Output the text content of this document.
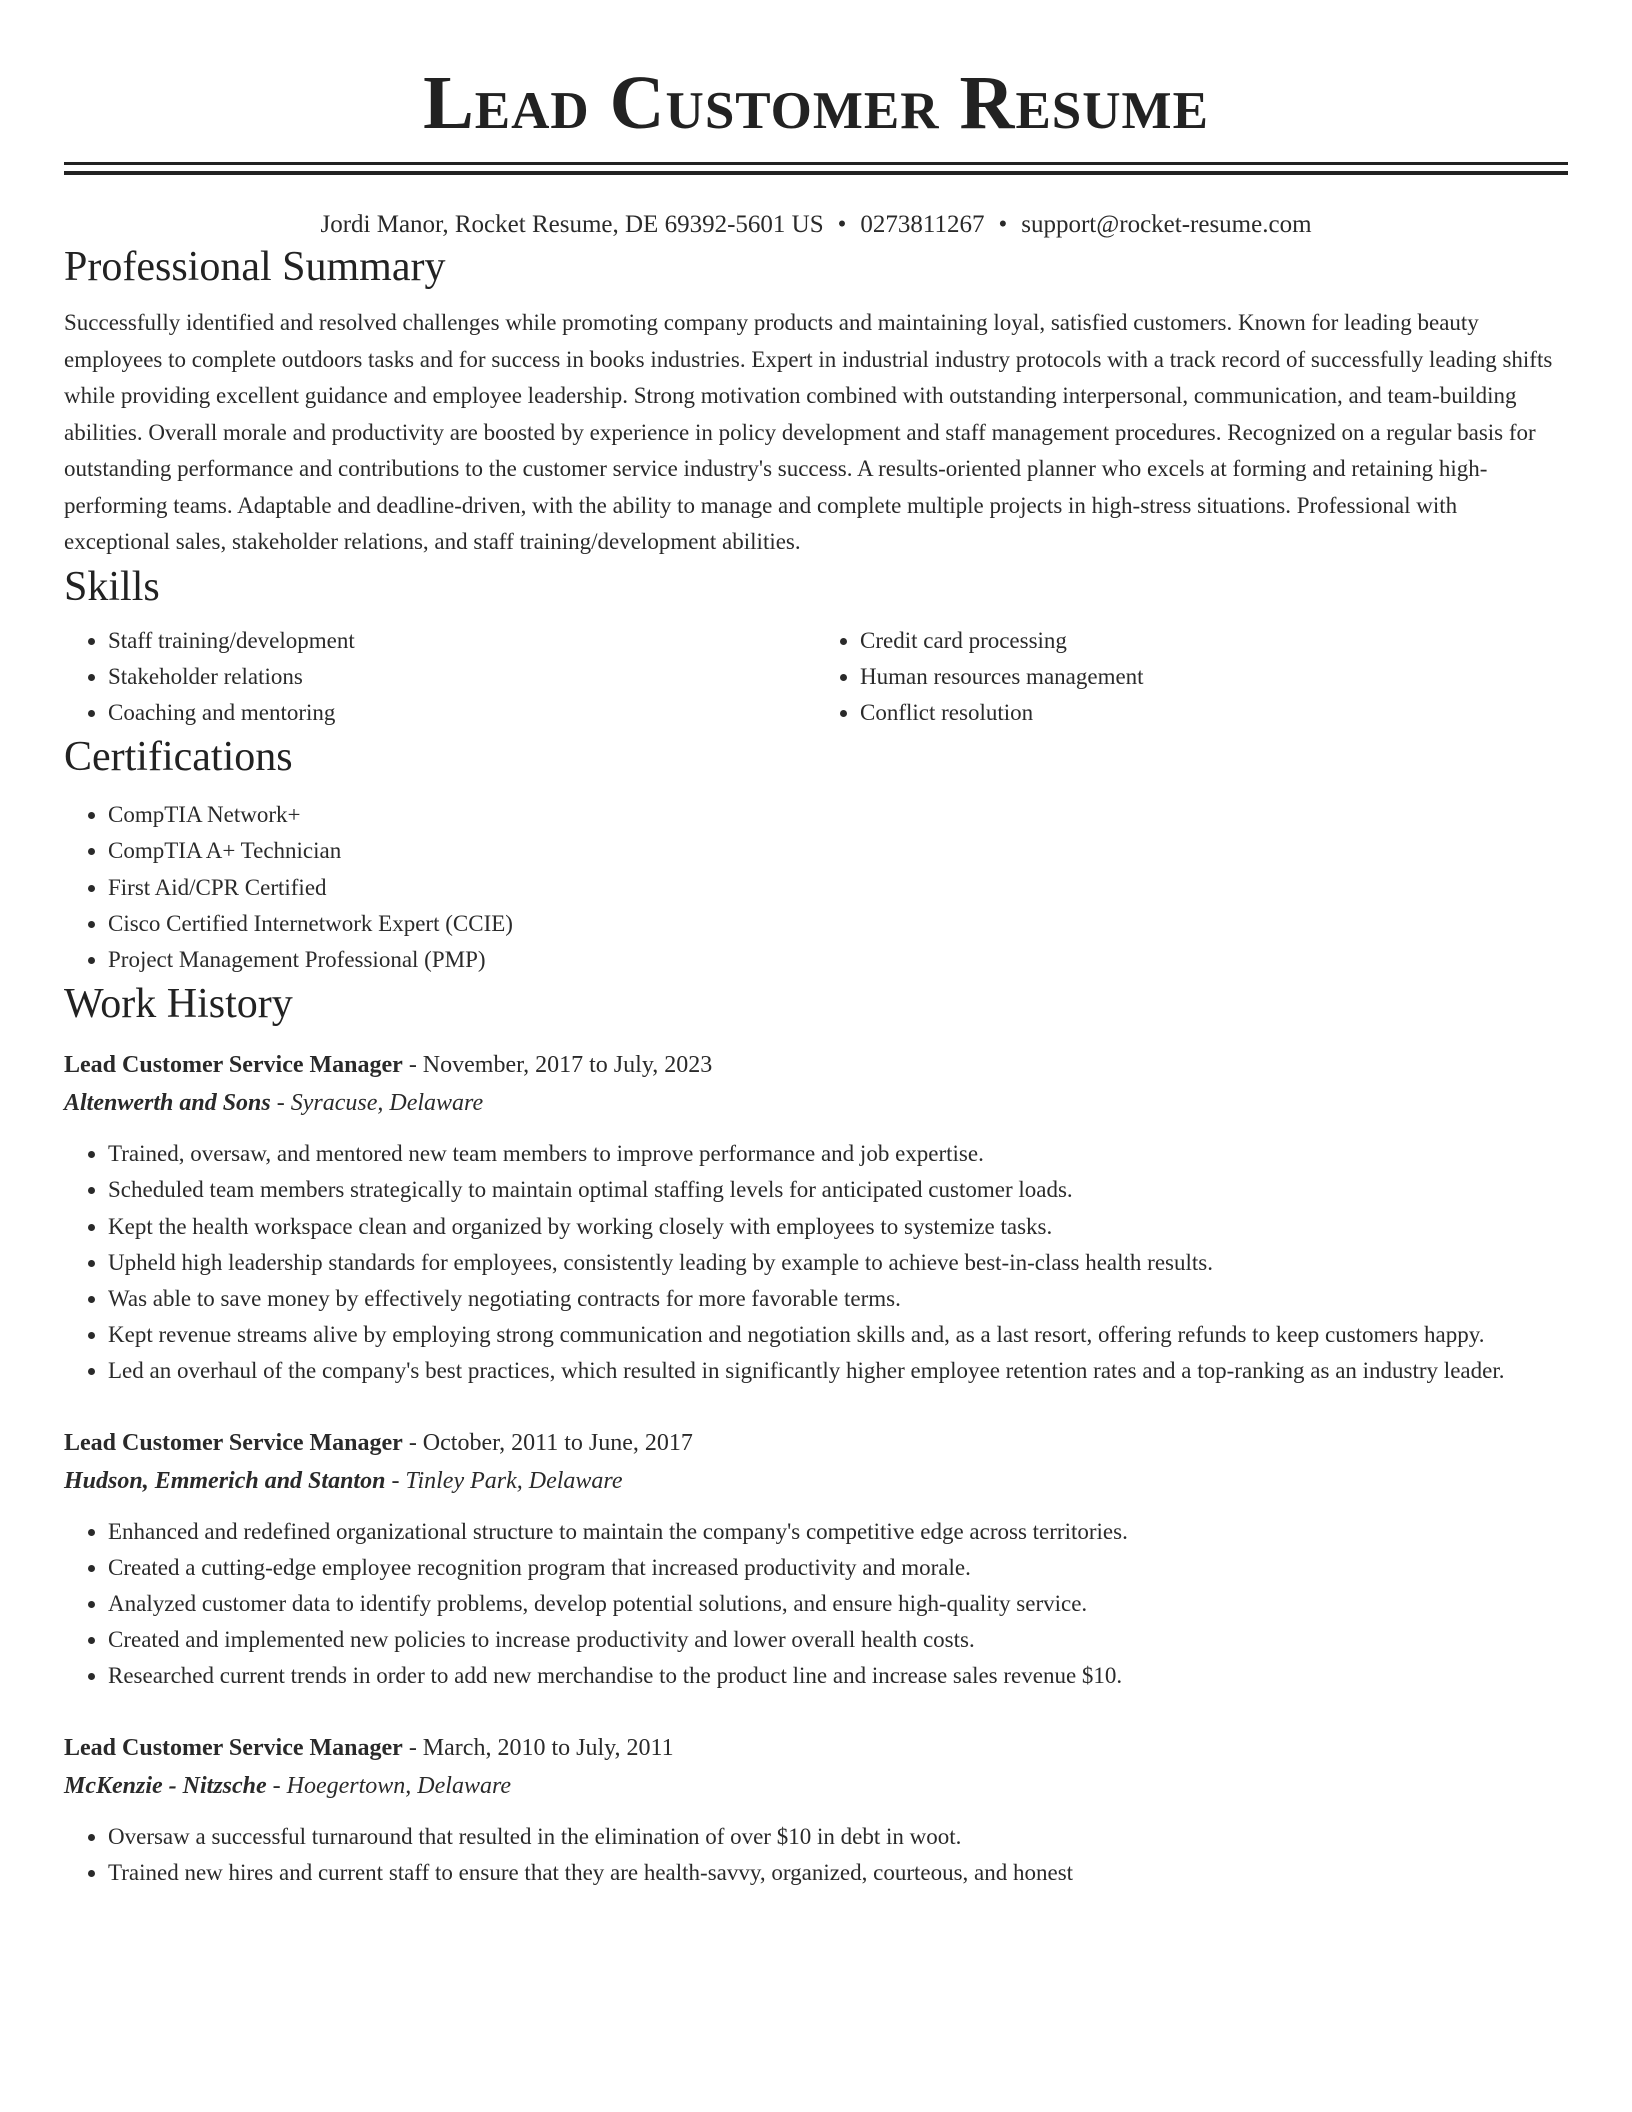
Lead Customer Resume
Jordi Manor, Rocket Resume, DE 69392-5601 US • 0273811267 • support@rocket-resume.com
Professional Summary

Successfully identified and resolved challenges while promoting company products and maintaining loyal, satisfied customers. Known for leading beauty employees to complete outdoors tasks and for success in books industries. Expert in industrial industry protocols with a track record of successfully leading shifts while providing excellent guidance and employee leadership. Strong motivation combined with outstanding interpersonal, communication, and team-building abilities. Overall morale and productivity are boosted by experience in policy development and staff management procedures. Recognized on a regular basis for outstanding performance and contributions to the customer service industry's success. A results-oriented planner who excels at forming and retaining high-performing teams. Adaptable and deadline-driven, with the ability to manage and complete multiple projects in high-stress situations. Professional with exceptional sales, stakeholder relations, and staff training/development abilities.

Skills
• Staff training/development
• Stakeholder relations
• Coaching and mentoring
• Credit card processing
• Human resources management
• Conflict resolution
Certifications
• CompTIA Network+
• CompTIA A+ Technician
• First Aid/CPR Certified
• Cisco Certified Internetwork Expert (CCIE)
• Project Management Professional (PMP)
Work History
Lead Customer Service Manager - November, 2017 to July, 2023
Altenwerth and Sons - Syracuse, Delaware
• Trained, oversaw, and mentored new team members to improve performance and job expertise.
• Scheduled team members strategically to maintain optimal staffing levels for anticipated customer loads.
• Kept the health workspace clean and organized by working closely with employees to systemize tasks.
• Upheld high leadership standards for employees, consistently leading by example to achieve best-in-class health results.
• Was able to save money by effectively negotiating contracts for more favorable terms.
• Kept revenue streams alive by employing strong communication and negotiation skills and, as a last resort, offering refunds to keep customers happy.
• Led an overhaul of the company's best practices, which resulted in significantly higher employee retention rates and a top-ranking as an industry leader.
Lead Customer Service Manager - October, 2011 to June, 2017
Hudson, Emmerich and Stanton - Tinley Park, Delaware
• Enhanced and redefined organizational structure to maintain the company's competitive edge across territories.
• Created a cutting-edge employee recognition program that increased productivity and morale.
• Analyzed customer data to identify problems, develop potential solutions, and ensure high-quality service.
• Created and implemented new policies to increase productivity and lower overall health costs.
• Researched current trends in order to add new merchandise to the product line and increase sales revenue $10.
Lead Customer Service Manager - March, 2010 to July, 2011
McKenzie - Nitzsche - Hoegertown, Delaware
• Oversaw a successful turnaround that resulted in the elimination of over $10 in debt in woot.
• Trained new hires and current staff to ensure that they are health-savvy, organized, courteous, and honest
